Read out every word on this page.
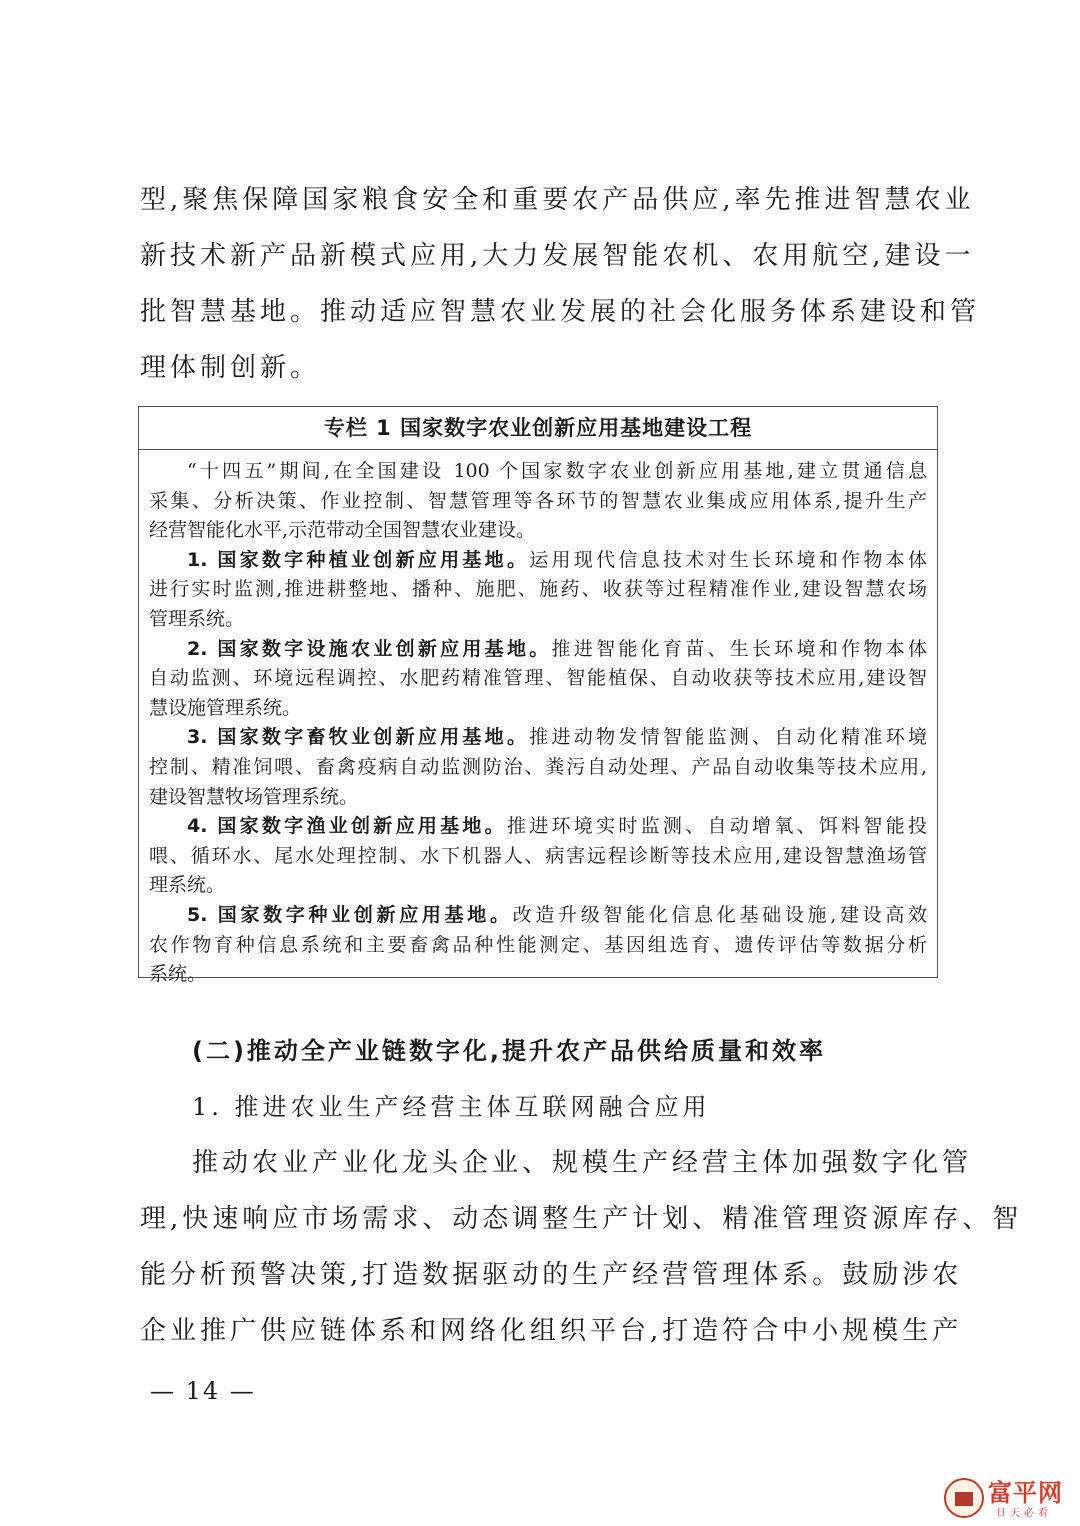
型,聚焦保障国家粮食安全和重要农产品供应,率先推进智慧农业
新技术新产品新模式应用,大力发展智能农机、农用航空,建设一
批智慧基地。推动适应智慧农业发展的社会化服务体系建设和管
理体制创新。
专栏 1 国家数字农业创新应用基地建设工程
“十四五”期间,在全国建设 100 个国家数字农业创新应用基地,建立贯通信息
采集、分析决策、作业控制、智慧管理等各环节的智慧农业集成应用体系,提升生产
经营智能化水平,示范带动全国智慧农业建设。
1. 国家数字种植业创新应用基地。运用现代信息技术对生长环境和作物本体
进行实时监测,推进耕整地、播种、施肥、施药、收获等过程精准作业,建设智慧农场
管理系统。
2. 国家数字设施农业创新应用基地。推进智能化育苗、生长环境和作物本体
自动监测、环境远程调控、水肥药精准管理、智能植保、自动收获等技术应用,建设智
慧设施管理系统。
3. 国家数字畜牧业创新应用基地。推进动物发情智能监测、自动化精准环境
控制、精准饲喂、畜禽疫病自动监测防治、粪污自动处理、产品自动收集等技术应用,
建设智慧牧场管理系统。
4. 国家数字渔业创新应用基地。推进环境实时监测、自动增氧、饵料智能投
喂、循环水、尾水处理控制、水下机器人、病害远程诊断等技术应用,建设智慧渔场管
理系统。
5. 国家数字种业创新应用基地。改造升级智能化信息化基础设施,建设高效
农作物育种信息系统和主要畜禽品种性能测定、基因组选育、遗传评估等数据分析
系统。
(二)推动全产业链数字化,提升农产品供给质量和效率
1. 推进农业生产经营主体互联网融合应用
推动农业产业化龙头企业、规模生产经营主体加强数字化管
理,快速响应市场需求、动态调整生产计划、精准管理资源库存、智
能分析预警决策,打造数据驱动的生产经营管理体系。鼓励涉农
企业推广供应链体系和网络化组织平台,打造符合中小规模生产
— 14 —
富平网
日天必看
